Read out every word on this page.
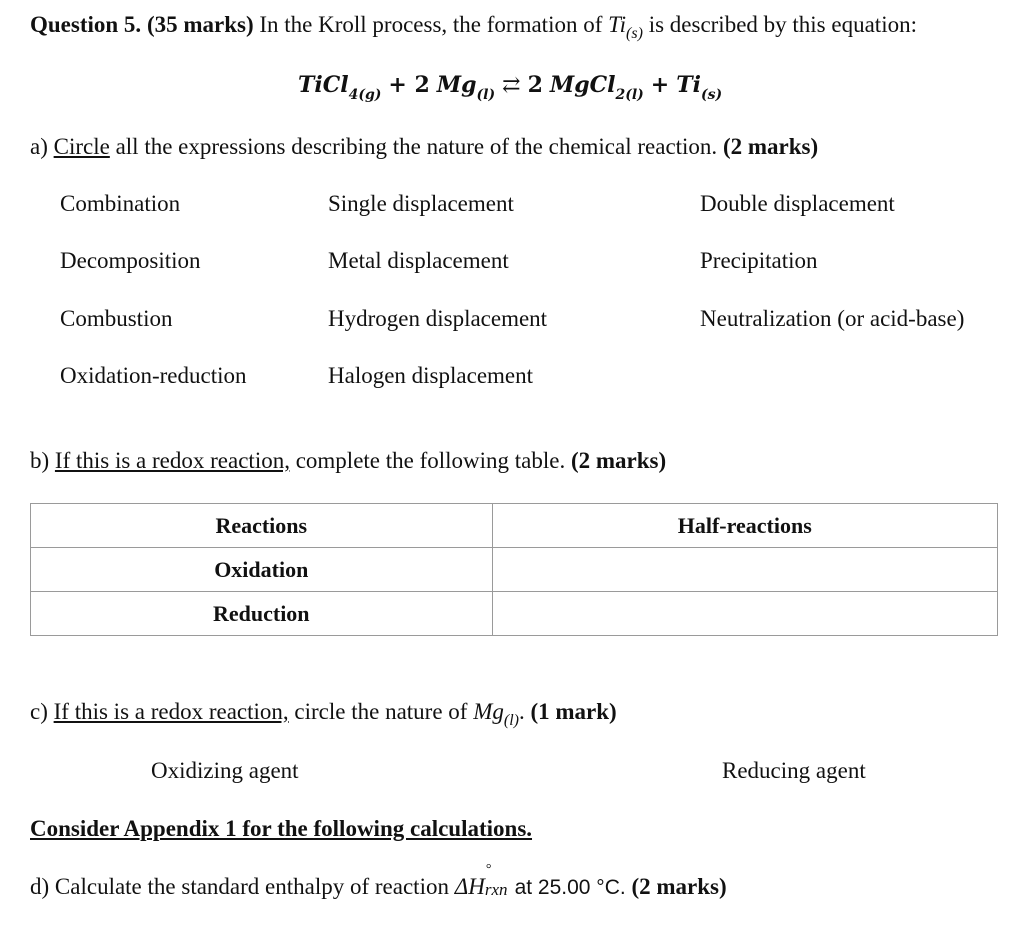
Question 5. (35 marks) In the Kroll process, the formation of $Ti_{(s)}$ is described by this equation:
TiCl$_{4(g)}$ + 2 $Mg_{(l)}$ ⇄ 2 MgCl$_{2(l)}$ + $Ti_{(s)}$
a) Circle all the expressions describing the nature of the chemical reaction. (2 marks)
Combination
Decomposition
Combustion
Oxidation-reduction
Single displacement
Metal displacement
Hydrogen displacement
Halogen displacement
Double displacement
Precipitation
Neutralization (or acid-base)
b) If this is a redox reaction, complete the following table. (2 marks)
Reactions	Half-reactions
Oxidation	
Reduction	
c) If this is a redox reaction, circle the nature of $Mg_{(l)}$. (1 mark)
Oxidizing agent	Reducing agent
Consider Appendix 1 for the following calculations.
d) Calculate the standard enthalpy of reaction ΔH
°
rxn at 25.00 °C. (2 marks)
